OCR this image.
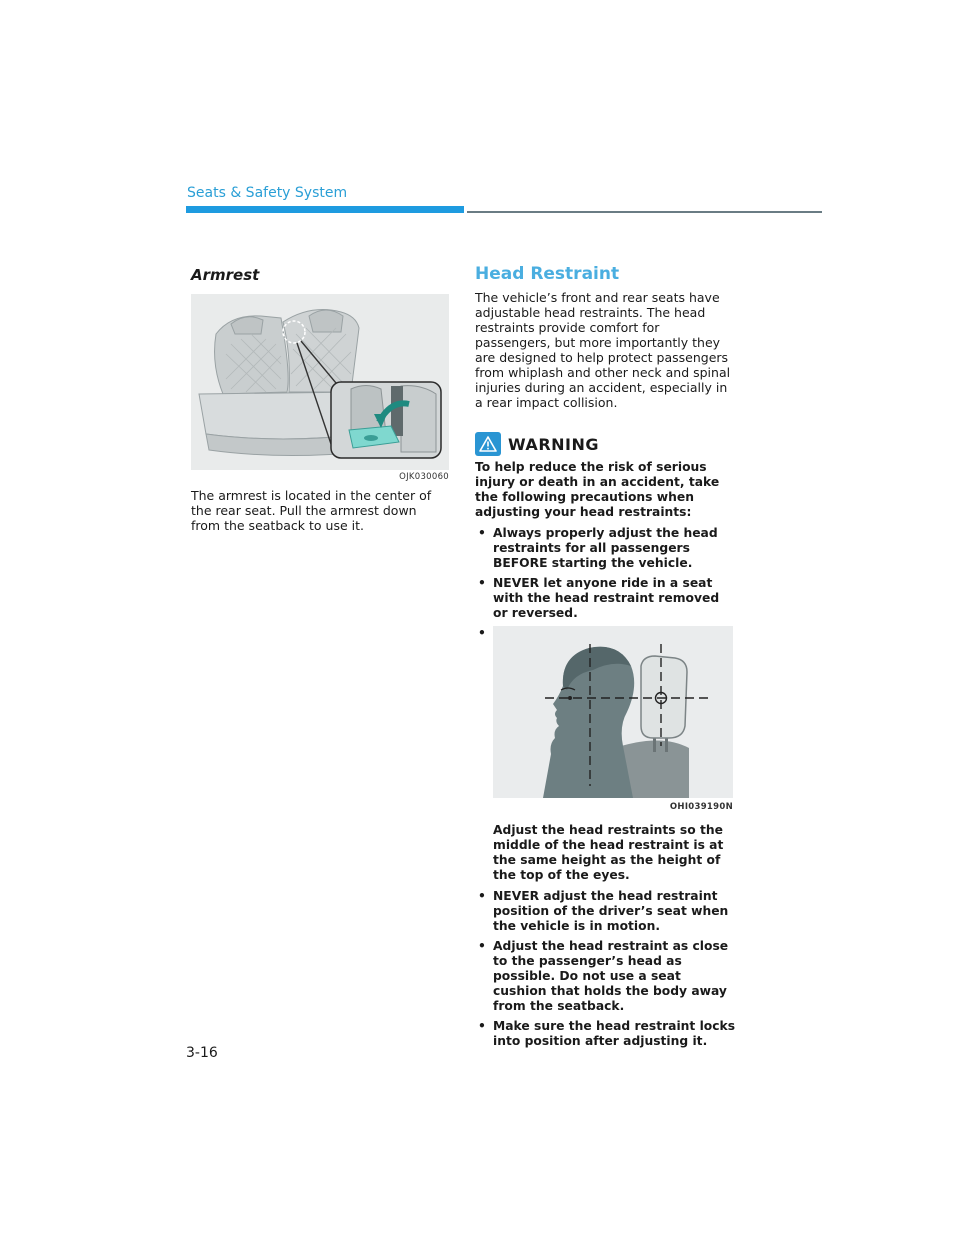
Seats & Safety System
Armrest
OJK030060

The armrest is located in the center of the rear seat. Pull the armrest down from the seatback to use it.

Head Restraint

The vehicle’s front and rear seats have adjustable head restraints. The head restraints provide comfort for passengers, but more importantly they are designed to help protect passengers from whiplash and other neck and spinal injuries during an accident, especially in a rear impact collision.

WARNING
To help reduce the risk of serious injury or death in an accident, take the following precautions when adjusting your head restraints:
• Always properly adjust the head restraints for all passengers BEFORE starting the vehicle.
• NEVER let anyone ride in a seat with the head restraint removed or reversed.
•
OHI039190N
Adjust the head restraints so the middle of the head restraint is at the same height as the height of the top of the eyes.
• NEVER adjust the head restraint position of the driver’s seat when the vehicle is in motion.
• Adjust the head restraint as close to the passenger’s head as possible. Do not use a seat cushion that holds the body away from the seatback.
• Make sure the head restraint locks into position after adjusting it.
3-16
